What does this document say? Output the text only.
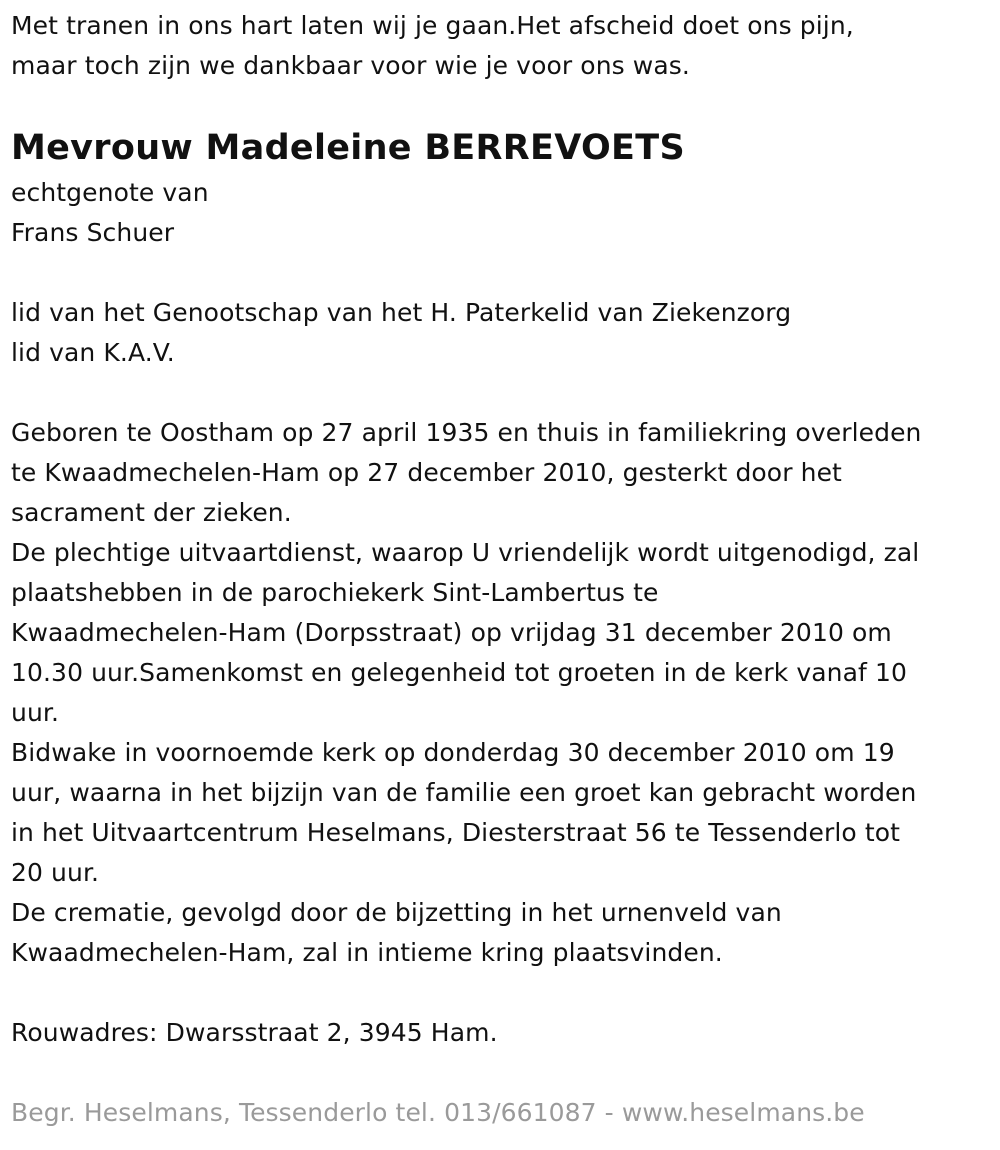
Met tranen in ons hart laten wij je gaan.Het afscheid doet ons pijn,
maar toch zijn we dankbaar voor wie je voor ons was.
Mevrouw Madeleine BERREVOETS
echtgenote van
Frans Schuer
lid van het Genootschap van het H. Paterkelid van Ziekenzorg
lid van K.A.V.
Geboren te Oostham op 27 april 1935 en thuis in familiekring overleden
te Kwaadmechelen-Ham op 27 december 2010, gesterkt door het
sacrament der zieken.
De plechtige uitvaartdienst, waarop U vriendelijk wordt uitgenodigd, zal
plaatshebben in de parochiekerk Sint-Lambertus te
Kwaadmechelen-Ham (Dorpsstraat) op vrijdag 31 december 2010 om
10.30 uur.Samenkomst en gelegenheid tot groeten in de kerk vanaf 10
uur.
Bidwake in voornoemde kerk op donderdag 30 december 2010 om 19
uur, waarna in het bijzijn van de familie een groet kan gebracht worden
in het Uitvaartcentrum Heselmans, Diesterstraat 56 te Tessenderlo tot
20 uur.
De crematie, gevolgd door de bijzetting in het urnenveld van
Kwaadmechelen-Ham, zal in intieme kring plaatsvinden.
Rouwadres: Dwarsstraat 2, 3945 Ham.
Begr. Heselmans, Tessenderlo tel. 013/661087 - www.heselmans.be
